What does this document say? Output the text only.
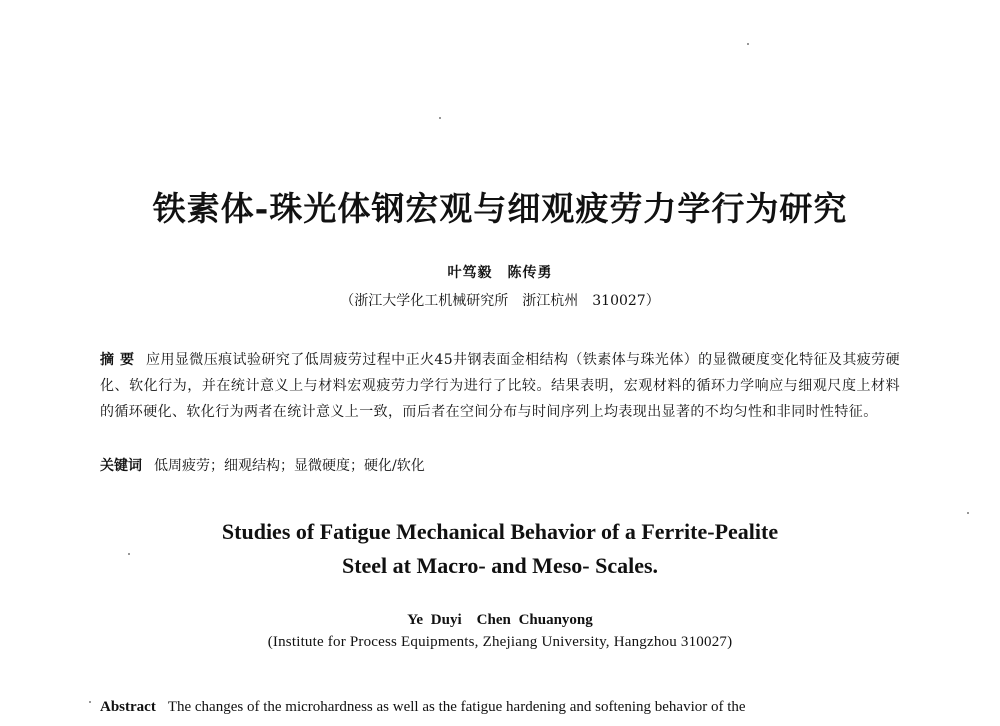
铁素体-珠光体钢宏观与细观疲劳力学行为研究
叶笃毅　陈传勇
（浙江大学化工机械研究所　浙江杭州　310027）
摘要 应用显微压痕试验研究了低周疲劳过程中正火45井钢表面金相结构（铁素体与珠光体）的显微硬度变化特征及其疲劳硬化、软化行为，并在统计意义上与材料宏观疲劳力学行为进行了比较。结果表明，宏观材料的循环力学响应与细观尺度上材料的循环硬化、软化行为两者在统计意义上一致，而后者在空间分布与时间序列上均表现出显著的不均匀性和非同时性特征。
关键词 低周疲劳；细观结构；显微硬度；硬化/软化
Studies of Fatigue Mechanical Behavior of a Ferrite-Pealite
Steel at Macro- and Meso- Scales.
Ye Duyi　Chen Chuanyong
(Institute for Process Equipments, Zhejiang University, Hangzhou 310027)
Abstract The changes of the microhardness as well as the fatigue hardening and softening behavior of the
